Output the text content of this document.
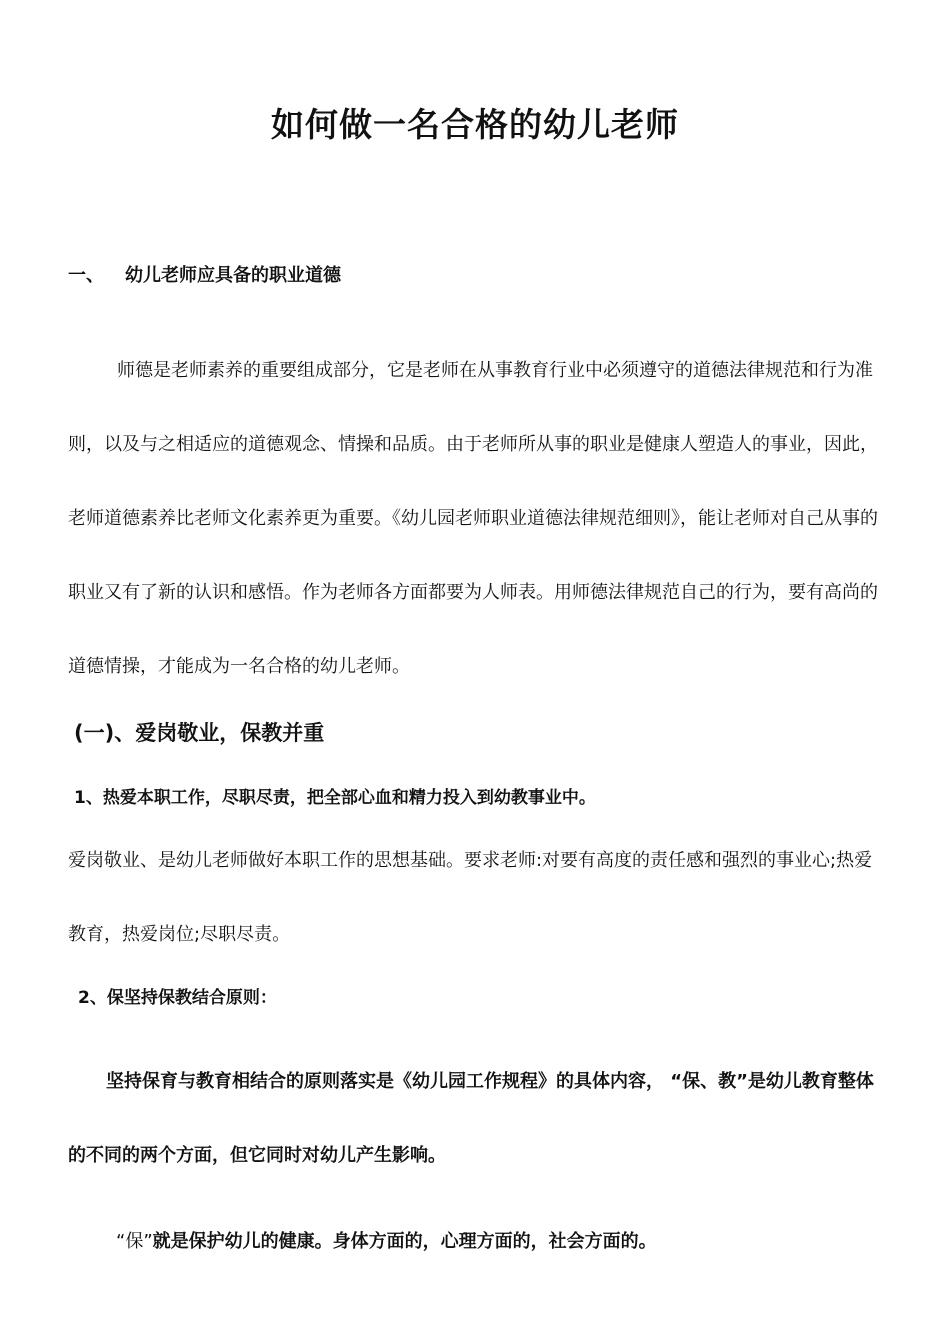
如何做一名合格的幼儿老师
一、 幼儿老师应具备的职业道德

师德是老师素养的重要组成部分，它是老师在从事教育行业中必须遵守的道德法律规范和行为准则，以及与之相适应的道德观念、情操和品质。由于老师所从事的职业是健康人塑造人的事业，因此，老师道德素养比老师文化素养更为重要。《幼儿园老师职业道德法律规范细则》，能让老师对自己从事的职业又有了新的认识和感悟。作为老师各方面都要为人师表。用师德法律规范自己的行为，要有高尚的道德情操，才能成为一名合格的幼儿老师。

(一)、爱岗敬业，保教并重
1、热爱本职工作，尽职尽责，把全部心血和精力投入到幼教事业中。

爱岗敬业、是幼儿老师做好本职工作的思想基础。要求老师:对要有高度的责任感和强烈的事业心;热爱教育，热爱岗位;尽职尽责。

2、保坚持保教结合原则：

坚持保育与教育相结合的原则落实是《幼儿园工作规程》的具体内容， “保、教”是幼儿教育整体的不同的两个方面，但它同时对幼儿产生影响。

“保”就是保护幼儿的健康。身体方面的，心理方面的，社会方面的。
